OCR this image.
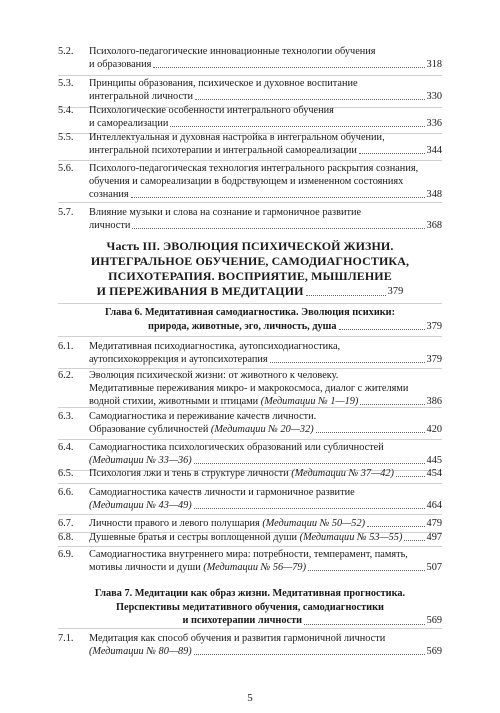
5.2. Психолого-педагогические инновационные технологии обучения
и образования	318
5.3. Принципы образования, психическое и духовное воспитание
интегральной личности	330
5.4. Психологические особенности интегрального обучения
и самореализации	336
5.5. Интеллектуальная и духовная настройка в интегральном обучении,
интегральной психотерапии и интегральной самореализации	344
5.6. Психолого-педагогическая технология интегрального раскрытия сознания,
обучения и самореализации в бодрствующем и измененном состояниях
сознания	348
5.7. Влияние музыки и слова на сознание и гармоничное развитие
личности	368
Часть III. ЭВОЛЮЦИЯ ПСИХИЧЕСКОЙ ЖИЗНИ.
ИНТЕГРАЛЬНОЕ ОБУЧЕНИЕ, САМОДИАГНОСТИКА,
ПСИХОТЕРАПИЯ. ВОСПРИЯТИЕ, МЫШЛЕНИЕ
И ПЕРЕЖИВАНИЯ В МЕДИТАЦИИ	379
Глава 6. Медитативная самодиагностика. Эволюция психики:
природа, животные, эго, личность, душа	379
6.1. Медитативная психодиагностика, аутопсиходиагностика,
аутопсихокоррекция и аутопсихотерапия	379
6.2. Эволюция психической жизни: от животного к человеку.
Медитативные переживания микро- и макрокосмоса, диалог с жителями
водной стихии, животными и птицами
(Медитации № 1—19)	386
6.3. Самодиагностика и переживание качеств личности.
Образование субличностей
(Медитации № 20—32)	420
6.4. Самодиагностика психологических образований или субличностей
(Медитации № 33—36)	445
6.5. Психология лжи и тень в структуре личности
(Медитации № 37—42)	454
6.6. Самодиагностика качеств личности и гармоничное развитие
(Медитации № 43—49)	464
6.7. Личности правого и левого полушария
(Медитации № 50—52)	479
6.8. Душевные братья и сестры воплощенной души
(Медитации № 53—55) 497
6.9. Самодиагностика внутреннего мира: потребности, темперамент, память,
мотивы личности и души
(Медитации № 56—79)	507
Глава 7. Медитации как образ жизни. Медитативная прогностика.
Перспективы медитативного обучения, самодиагностики
и психотерапии личности	569
7.1. Медитация как способ обучения и развития гармоничной личности
(Медитации № 80—89)	569
5
